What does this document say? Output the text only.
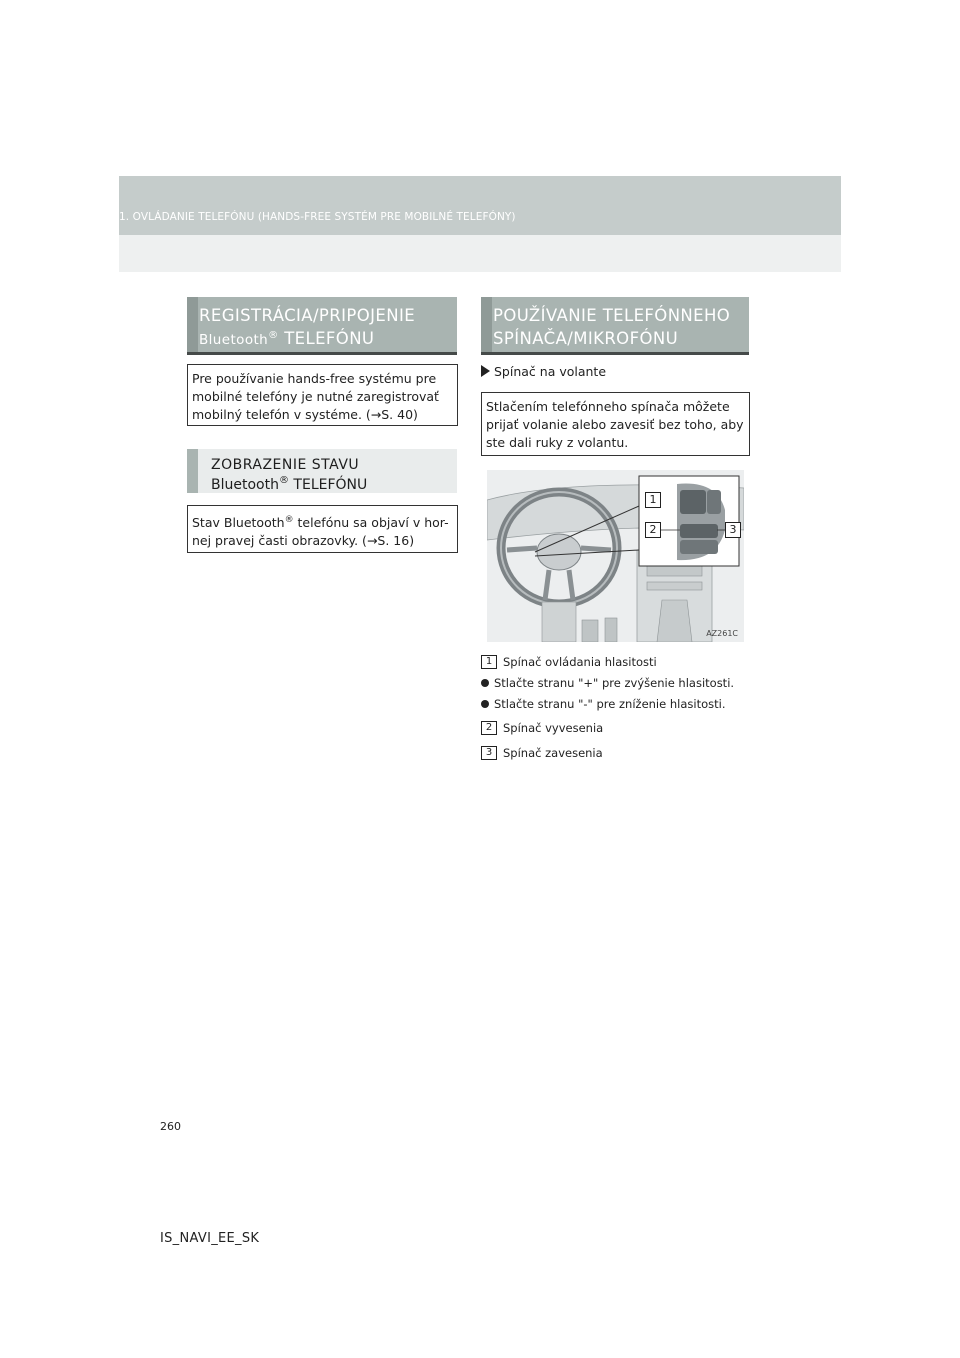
1. OVLÁDANIE TELEFÓNU (HANDS-FREE SYSTÉM PRE MOBILNÉ TELEFÓNY)
REGISTRÁCIA/PRIPOJENIE
Bluetooth® TELEFÓNU
Pre používanie hands-free systému pre
mobilné telefóny je nutné zaregistrovať
mobilný telefón v systéme. (→S. 40)
ZOBRAZENIE STAVU
Bluetooth® TELEFÓNU
Stav Bluetooth® telefónu sa objaví v hor-
nej pravej časti obrazovky. (→S. 16)
POUŽÍVANIE TELEFÓNNEHO
SPÍNAČA/MIKROFÓNU
Spínač na volante
Stlačením telefónneho spínača môžete
prijať volanie alebo zavesiť bez toho, aby
ste dali ruky z volantu.
1
2	3
AZ261C
1 Spínač ovládania hlasitosti
Stlačte stranu "+" pre zvýšenie hlasitosti.
Stlačte stranu "-" pre zníženie hlasitosti.
2 Spínač vyvesenia
3 Spínač zavesenia
260
IS_NAVI_EE_SK
